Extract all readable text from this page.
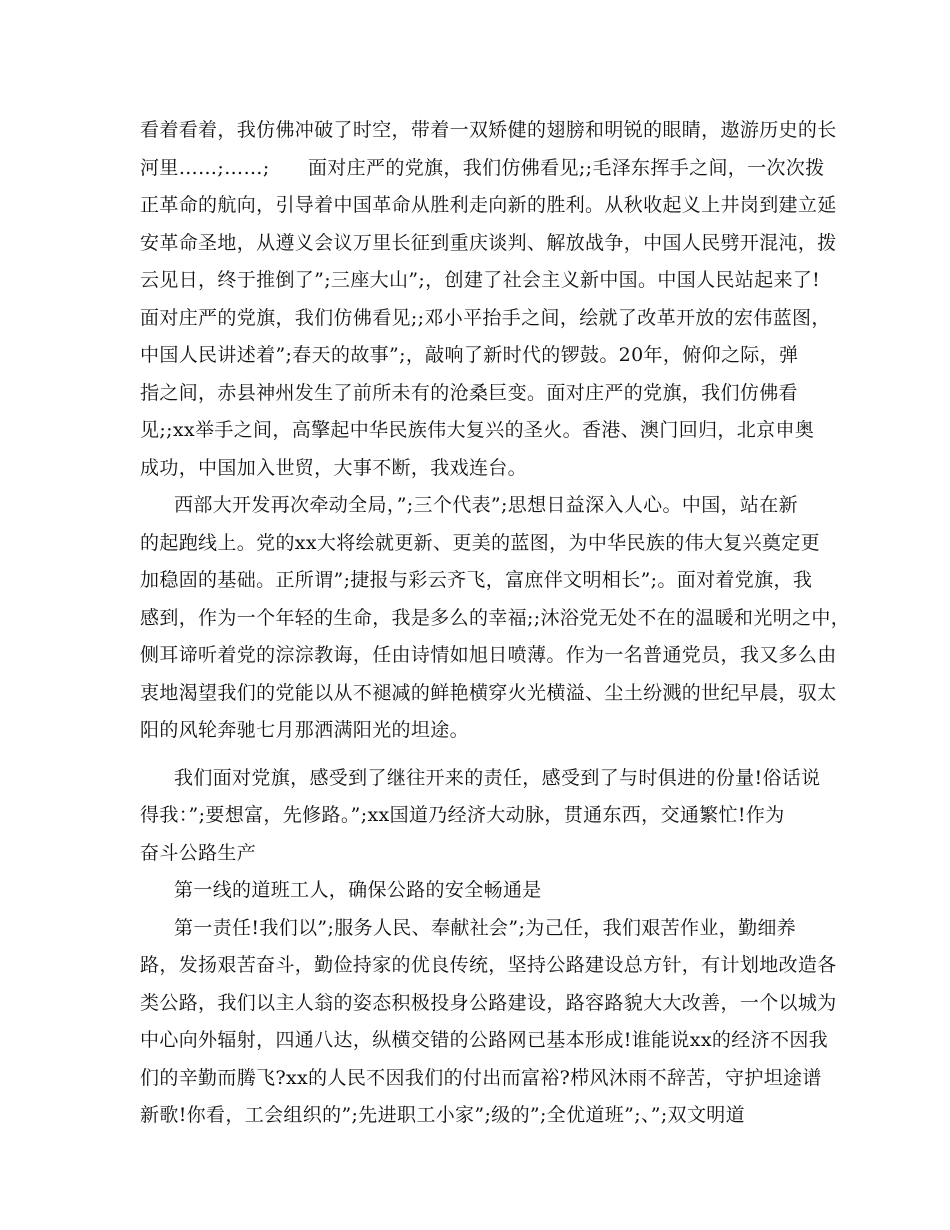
看着看着，我仿佛冲破了时空，带着一双矫健的翅膀和明锐的眼睛，遨游历史的长
河里……;……;      面对庄严的党旗，我们仿佛看见;;毛泽东挥手之间，一次次拨
正革命的航向，引导着中国革命从胜利走向新的胜利。从秋收起义上井岗到建立延
安革命圣地，从遵义会议万里长征到重庆谈判、解放战争，中国人民劈开混沌，拨
云见日，终于推倒了”;三座大山”;，创建了社会主义新中国。中国人民站起来了!
面对庄严的党旗，我们仿佛看见;;邓小平抬手之间，绘就了改革开放的宏伟蓝图，
中国人民讲述着”;春天的故事”;，敲响了新时代的锣鼓。20年，俯仰之际，弹
指之间，赤县神州发生了前所未有的沧桑巨变。面对庄严的党旗，我们仿佛看
见;;xx举手之间，高擎起中华民族伟大复兴的圣火。香港、澳门回归，北京申奥
成功，中国加入世贸，大事不断，我戏连台。
西部大开发再次牵动全局，”;三个代表”;思想日益深入人心。中国，站在新
的起跑线上。党的xx大将绘就更新、更美的蓝图，为中华民族的伟大复兴奠定更
加稳固的基础。正所谓”;捷报与彩云齐飞，富庶伴文明相长”;。面对着党旗，我
感到，作为一个年轻的生命，我是多么的幸福;;沐浴党无处不在的温暖和光明之中，
侧耳谛听着党的淙淙教诲，任由诗情如旭日喷薄。作为一名普通党员，我又多么由
衷地渴望我们的党能以从不褪减的鲜艳横穿火光横溢、尘土纷溅的世纪早晨，驭太
阳的风轮奔驰七月那洒满阳光的坦途。
我们面对党旗，感受到了继往开来的责任，感受到了与时俱进的份量!俗话说
得我：”;要想富，先修路。”;xx国道乃经济大动脉，贯通东西，交通繁忙!作为
奋斗公路生产
第一线的道班工人，确保公路的安全畅通是
第一责任!我们以”;服务人民、奉献社会”;为己任，我们艰苦作业，勤细养
路，发扬艰苦奋斗，勤俭持家的优良传统，坚持公路建设总方针，有计划地改造各
类公路，我们以主人翁的姿态积极投身公路建设，路容路貌大大改善，一个以城为
中心向外辐射，四通八达，纵横交错的公路网已基本形成!谁能说xx的经济不因我
们的辛勤而腾飞?xx的人民不因我们的付出而富裕?栉风沐雨不辞苦，守护坦途谱
新歌!你看，工会组织的”;先进职工小家”;级的”;全优道班”;、”;双文明道
